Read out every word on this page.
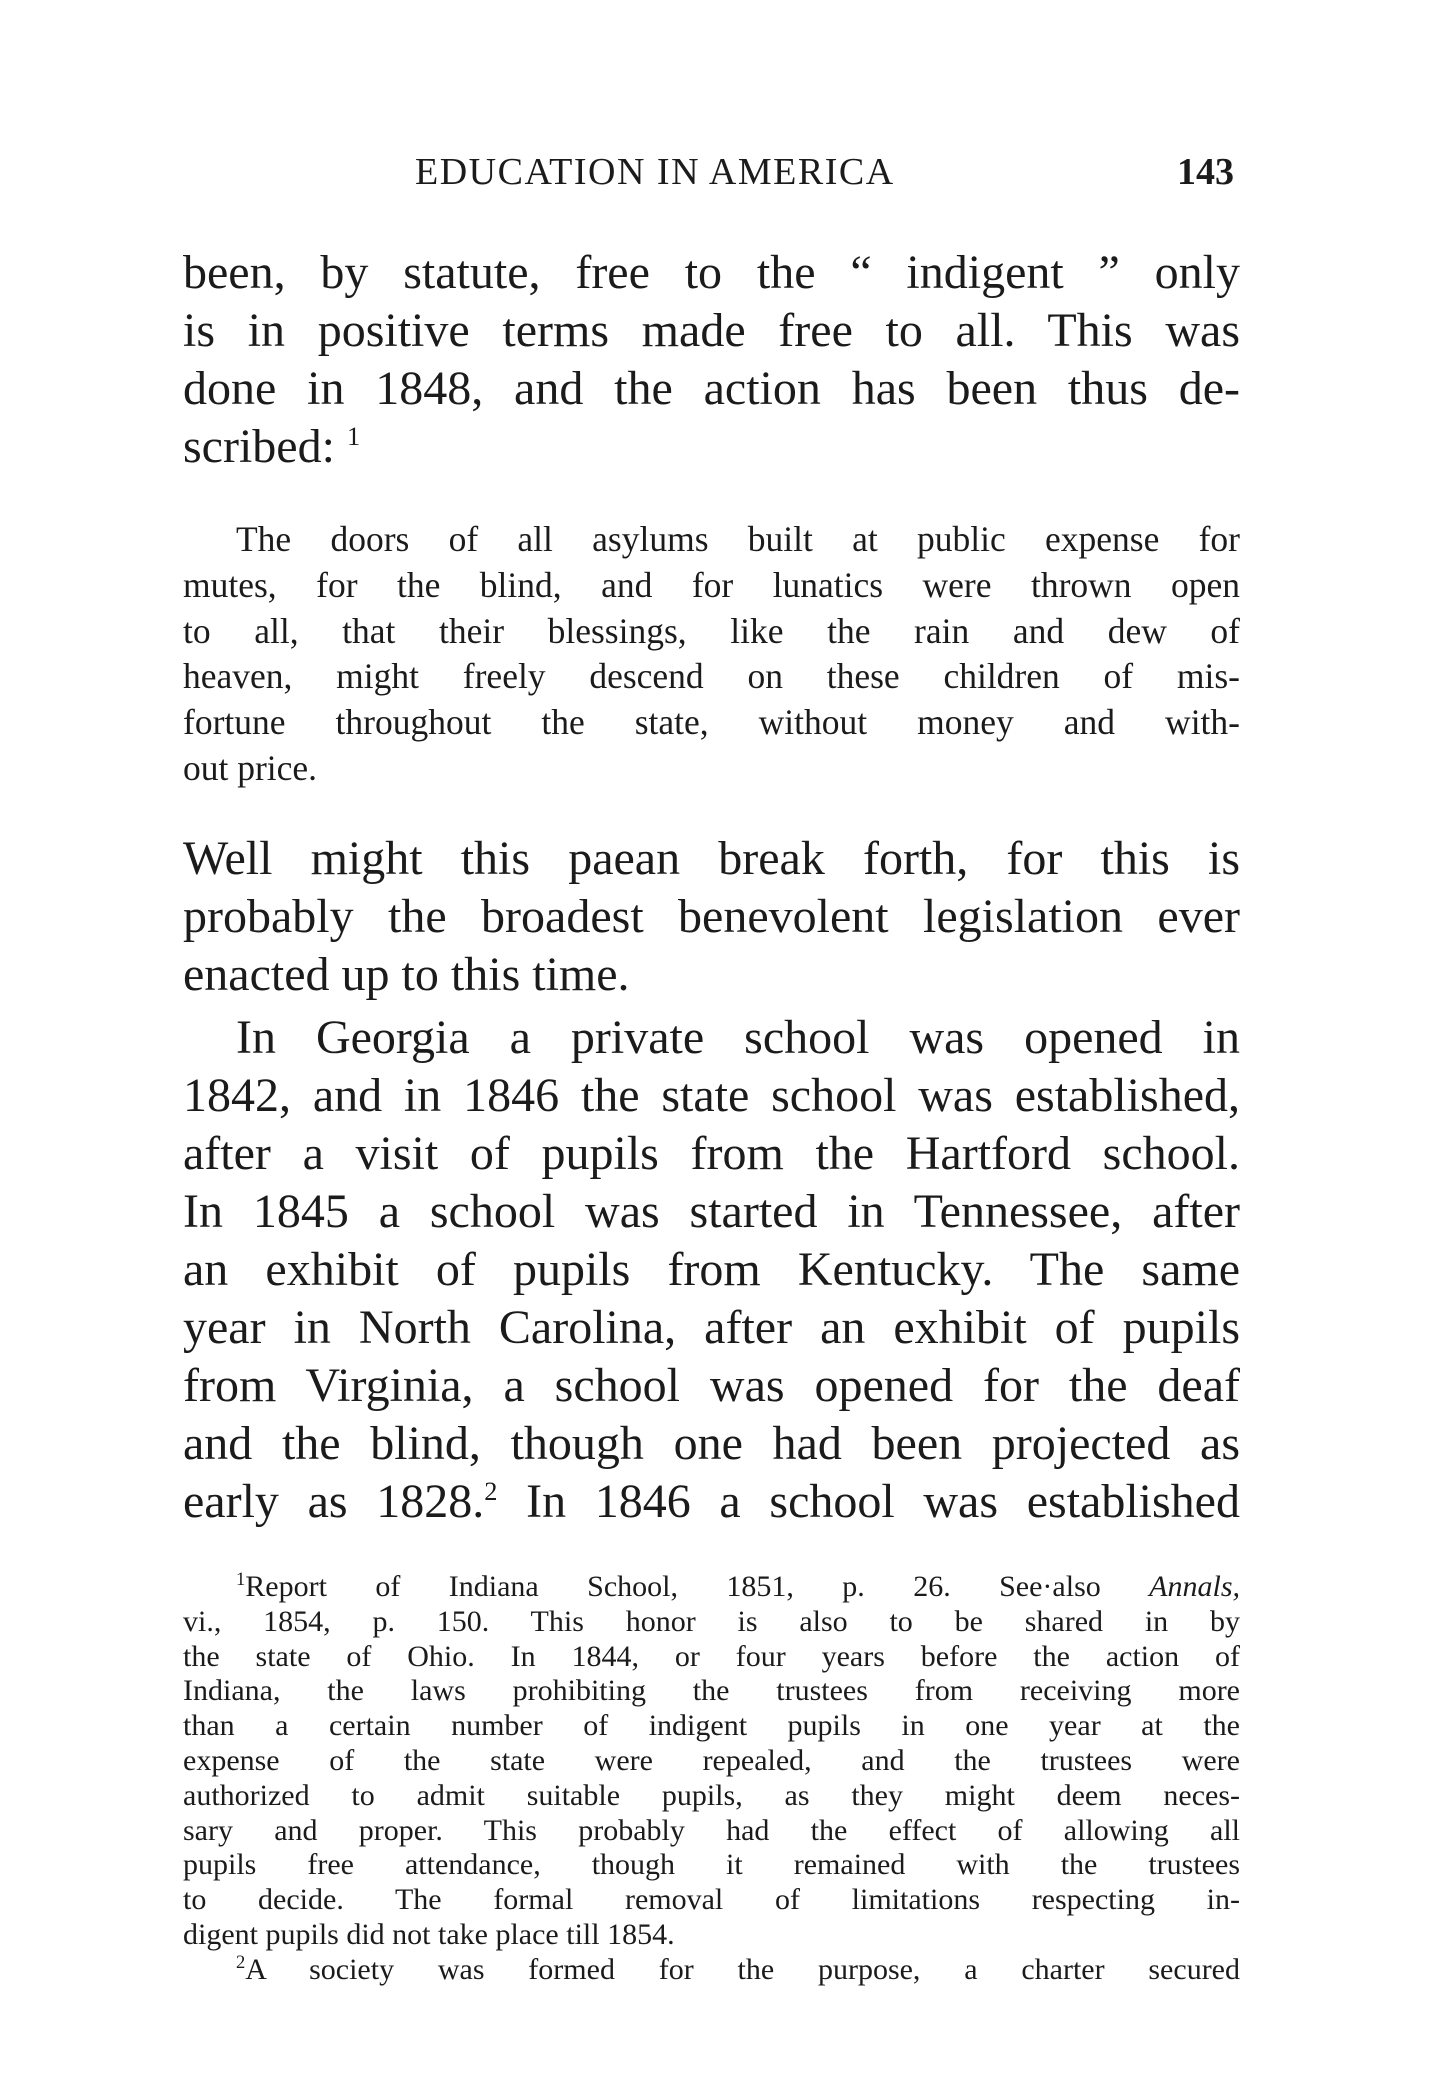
EDUCATION IN AMERICA	143
been, by statute, free to the “ indigent ” only
is in positive terms made free to all. This was
done in 1848, and the action has been thus de-
scribed: $^1$
The doors of all asylums built at public expense for
mutes, for the blind, and for lunatics were thrown open
to all, that their blessings, like the rain and dew of
heaven, might freely descend on these children of mis-
fortune throughout the state, without money and with-
out price.
Well might this paean break forth, for this is
probably the broadest benevolent legislation ever
enacted up to this time.
In Georgia a private school was opened in
1842, and in 1846 the state school was established,
after a visit of pupils from the Hartford school.
In 1845 a school was started in Tennessee, after
an exhibit of pupils from Kentucky. The same
year in North Carolina, after an exhibit of pupils
from Virginia, a school was opened for the deaf
and the blind, though one had been projected as
early as 1828.$^2$ In 1846 a school was established
$^1$Report of Indiana School, 1851, p. 26. See·also Annals,
vi., 1854, p. 150. This honor is also to be shared in by
the state of Ohio. In 1844, or four years before the action of
Indiana, the laws prohibiting the trustees from receiving more
than a certain number of indigent pupils in one year at the
expense of the state were repealed, and the trustees were
authorized to admit suitable pupils, as they might deem neces-
sary and proper. This probably had the effect of allowing all
pupils free attendance, though it remained with the trustees
to decide. The formal removal of limitations respecting in-
digent pupils did not take place till 1854.
$^2$A society was formed for the purpose, a charter secured
